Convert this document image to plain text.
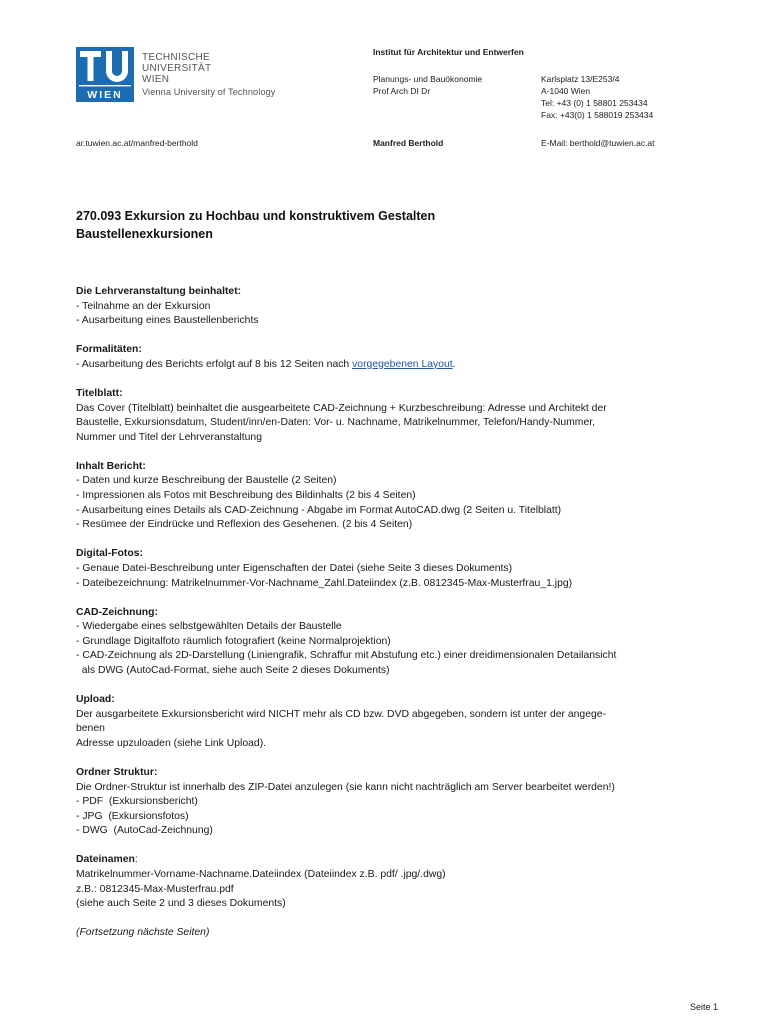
WIEN
TECHNISCHE
UNIVERSITÄT
WIEN
Vienna University of Technology
Institut für Architektur und Entwerfen
Planungs- und Bauökonomie
Prof Arch DI Dr
Karlsplatz 13/E253/4
A-1040 Wien
Tel: +43 (0) 1 58801 253434
Fax: +43(0) 1 588019 253434
ar.tuwien.ac.at/manfred-berthold	Manfred Berthold	E-Mail: berthold@tuwien.ac.at
270.093 Exkursion zu Hochbau und konstruktivem Gestalten
Baustellenexkursionen
Die Lehrveranstaltung beinhaltet:
- Teilnahme an der Exkursion
- Ausarbeitung eines Baustellenberichts
Formalitäten:
- Ausarbeitung des Berichts erfolgt auf 8 bis 12 Seiten nach vorgegebenen Layout.
Titelblatt:
Das Cover (Titelblatt) beinhaltet die ausgearbeitete CAD-Zeichnung + Kurzbeschreibung: Adresse und Architekt der
Baustelle, Exkursionsdatum, Student/inn/en-Daten: Vor- u. Nachname, Matrikelnummer, Telefon/Handy-Nummer,
Nummer und Titel der Lehrveranstaltung
Inhalt Bericht:
- Daten und kurze Beschreibung der Baustelle (2 Seiten)
- Impressionen als Fotos mit Beschreibung des Bildinhalts (2 bis 4 Seiten)
- Ausarbeitung eines Details als CAD-Zeichnung - Abgabe im Format AutoCAD.dwg (2 Seiten u. Titelblatt)
- Resümee der Eindrücke und Reflexion des Gesehenen. (2 bis 4 Seiten)
Digital-Fotos:
- Genaue Datei-Beschreibung unter Eigenschaften der Datei (siehe Seite 3 dieses Dokuments)
- Dateibezeichnung: Matrikelnummer-Vor-Nachname_Zahl.Dateiindex (z.B. 0812345-Max-Musterfrau_1.jpg)
CAD-Zeichnung:
- Wiedergabe eines selbstgewählten Details der Baustelle
- Grundlage Digitalfoto räumlich fotografiert (keine Normalprojektion)
- CAD-Zeichnung als 2D-Darstellung (Liniengrafik, Schraffur mit Abstufung etc.) einer dreidimensionalen Detailansicht
als DWG (AutoCad-Format, siehe auch Seite 2 dieses Dokuments)
Upload:
Der ausgarbeitete Exkursionsbericht wird NICHT mehr als CD bzw. DVD abgegeben, sondern ist unter der angege-
benen
Adresse upzuloaden (siehe Link Upload).
Ordner Struktur:
Die Ordner-Struktur ist innerhalb des ZIP-Datei anzulegen (sie kann nicht nachträglich am Server bearbeitet werden!)
- PDF  (Exkursionsbericht)
- JPG  (Exkursionsfotos)
- DWG  (AutoCad-Zeichnung)
Dateinamen:
Matrikelnummer-Vorname-Nachname.Dateiindex (Dateiindex z.B. pdf/ .jpg/.dwg)
z.B.: 0812345-Max-Musterfrau.pdf
(siehe auch Seite 2 und 3 dieses Dokuments)
(Fortsetzung nächste Seiten)
Seite 1
